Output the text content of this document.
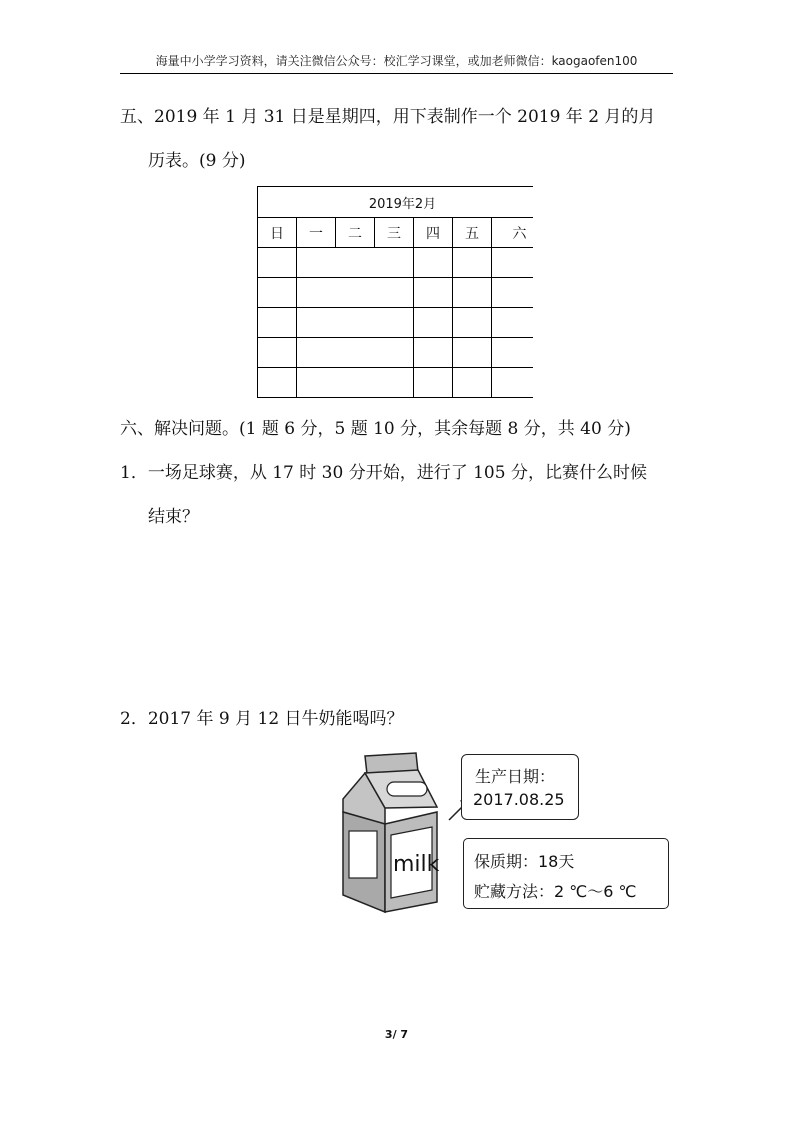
海量中小学学习资料，请关注微信公众号：校汇学习课堂，或加老师微信：kaogaofen100
五、2019 年 1 月 31 日是星期四，用下表制作一个 2019 年 2 月的月
历表。(9 分)
2019年2月						
日	一	二	三	四	五	六

六、解决问题。(1 题 6 分，5 题 10 分，其余每题 8 分，共 40 分)
1．一场足球赛，从 17 时 30 分开始，进行了 105 分，比赛什么时候
结束？
2．2017 年 9 月 12 日牛奶能喝吗？
milk
生产日期：
2017.08.25
保质期：18天
贮藏方法：2 ℃～6 ℃
3/ 7
